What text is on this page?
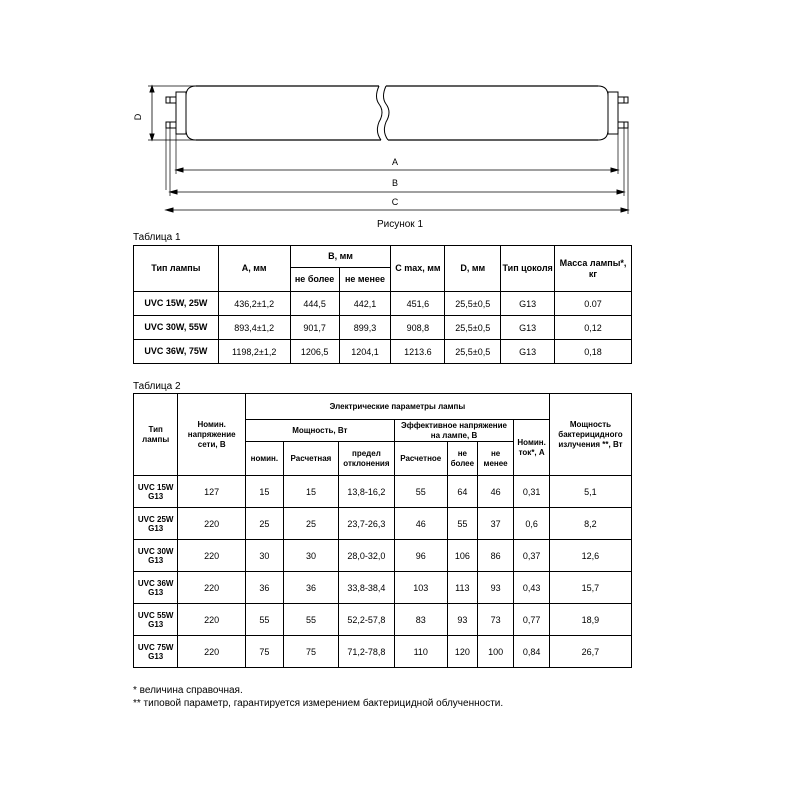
D
A
B
C
Рисунок 1
Таблица 1
Тип лампы	A, мм	B, мм		C max, мм	D, мм	Тип цоколя	Масса лампы*, кг
		не более	не менее				
UVC 15W, 25W	436,2±1,2	444,5	442,1	451,6	25,5±0,5	G13	0.07
UVC 30W, 55W	893,4±1,2	901,7	899,3	908,8	25,5±0,5	G13	0,12
UVC 36W, 75W	1198,2±1,2	1206,5	1204,1	1213.6	25,5±0,5	G13	0,18
Таблица 2
Тип лампы	Номин. напряжение сети, В	Электрические параметры лампы							Мощность бактерицидного излучения **, Вт
		Мощность, Вт			Эффективное напряжение на лампе, В			Номин. ток*, А	
		номин.	Расчетная	предел отклонения	Расчетное	не более	не менее		
UVC 15W G13	127	15	15	13,8-16,2	55	64	46	0,31	5,1
UVC 25W G13	220	25	25	23,7-26,3	46	55	37	0,6	8,2
UVC 30W G13	220	30	30	28,0-32,0	96	106	86	0,37	12,6
UVC 36W G13	220	36	36	33,8-38,4	103	113	93	0,43	15,7
UVC 55W G13	220	55	55	52,2-57,8	83	93	73	0,77	18,9
UVC 75W G13	220	75	75	71,2-78,8	110	120	100	0,84	26,7
* величина справочная.
** типовой параметр, гарантируется измерением бактерицидной облученности.
